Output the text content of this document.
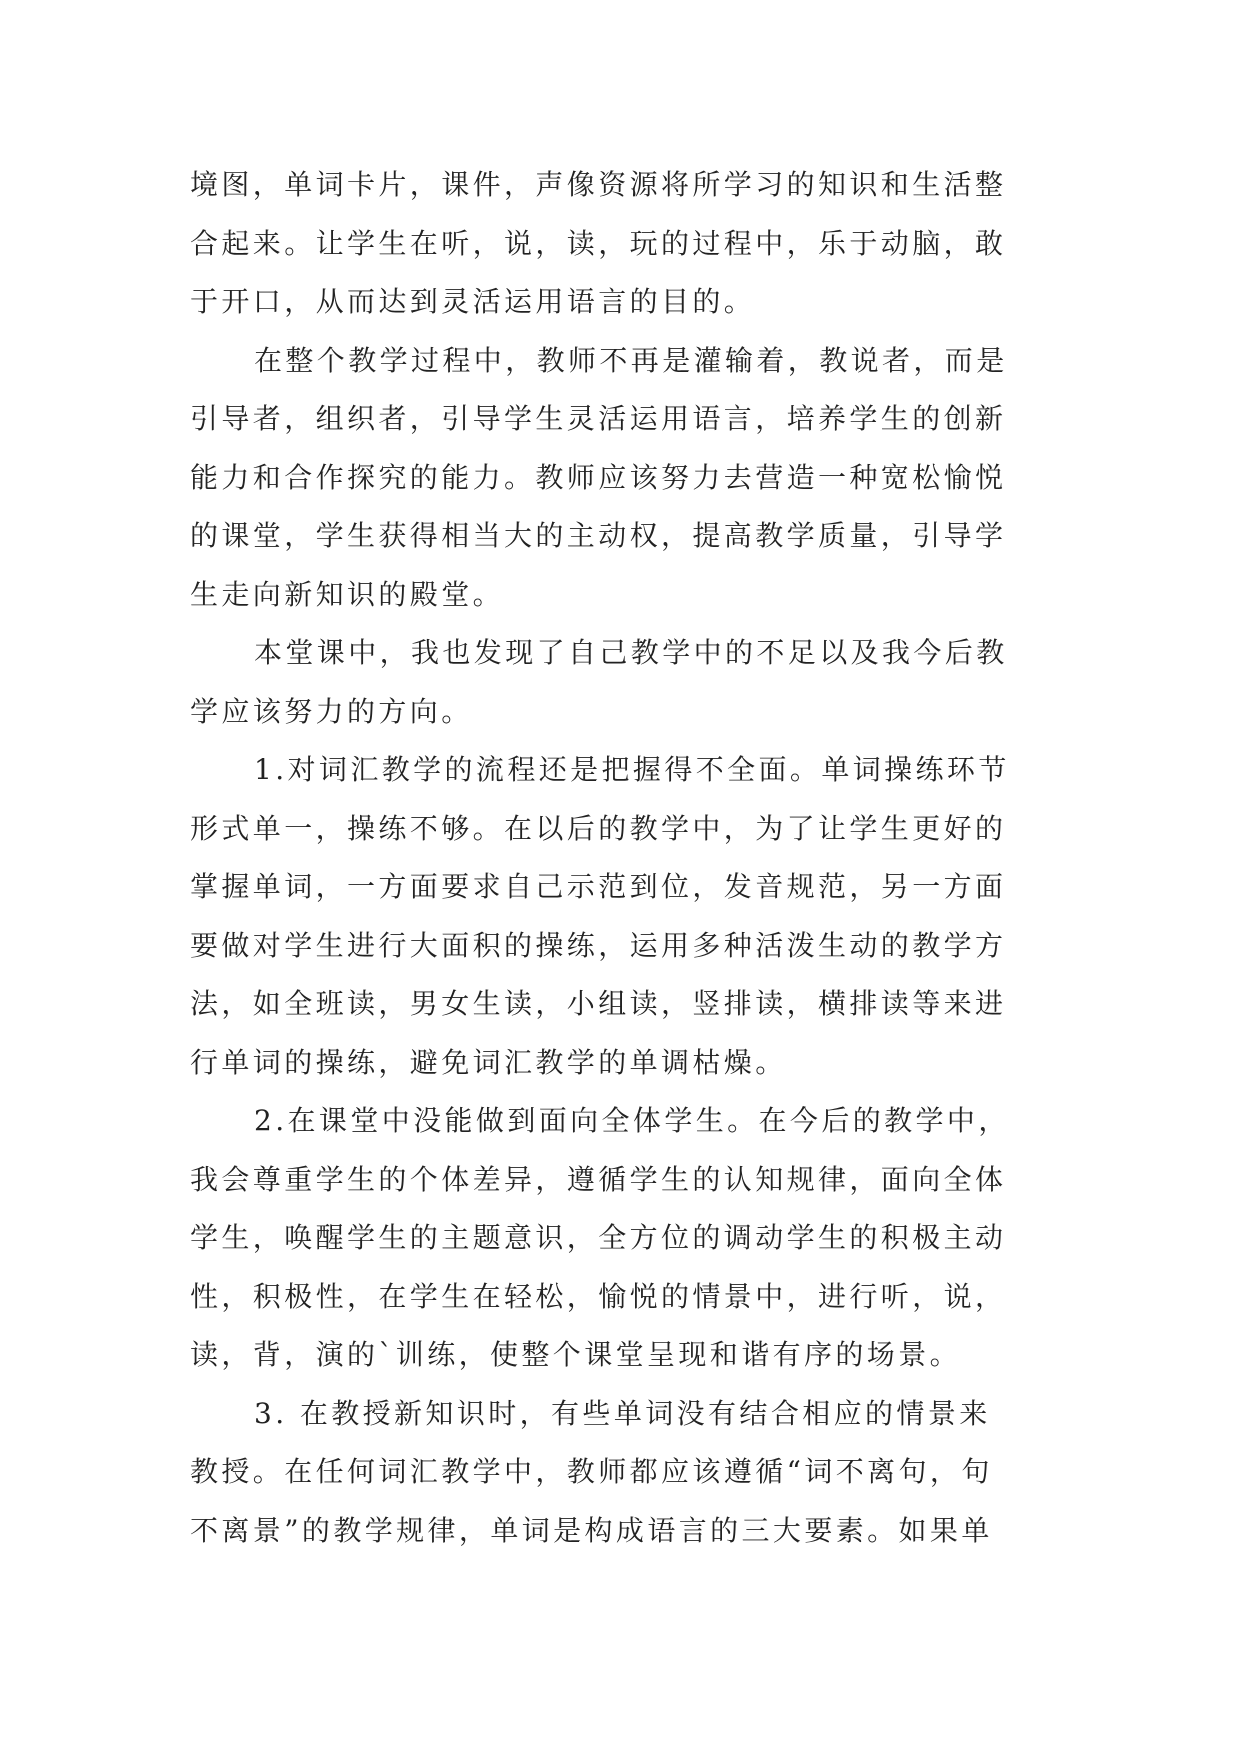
境图，单词卡片，课件，声像资源将所学习的知识和生活整
合起来。让学生在听，说，读，玩的过程中，乐于动脑，敢
于开口，从而达到灵活运用语言的目的。
在整个教学过程中，教师不再是灌输着，教说者，而是
引导者，组织者，引导学生灵活运用语言，培养学生的创新
能力和合作探究的能力。教师应该努力去营造一种宽松愉悦
的课堂，学生获得相当大的主动权，提高教学质量，引导学
生走向新知识的殿堂。
本堂课中，我也发现了自己教学中的不足以及我今后教
学应该努力的方向。
1.对词汇教学的流程还是把握得不全面。单词操练环节
形式单一，操练不够。在以后的教学中，为了让学生更好的
掌握单词，一方面要求自己示范到位，发音规范，另一方面
要做对学生进行大面积的操练，运用多种活泼生动的教学方
法，如全班读，男女生读，小组读，竖排读，横排读等来进
行单词的操练，避免词汇教学的单调枯燥。
2.在课堂中没能做到面向全体学生。在今后的教学中，
我会尊重学生的个体差异，遵循学生的认知规律，面向全体
学生，唤醒学生的主题意识，全方位的调动学生的积极主动
性，积极性，在学生在轻松，愉悦的情景中，进行听，说，
读，背，演的`训练，使整个课堂呈现和谐有序的场景。
3. 在教授新知识时，有些单词没有结合相应的情景来
教授。在任何词汇教学中，教师都应该遵循“词不离句，句
不离景”的教学规律，单词是构成语言的三大要素。如果单
